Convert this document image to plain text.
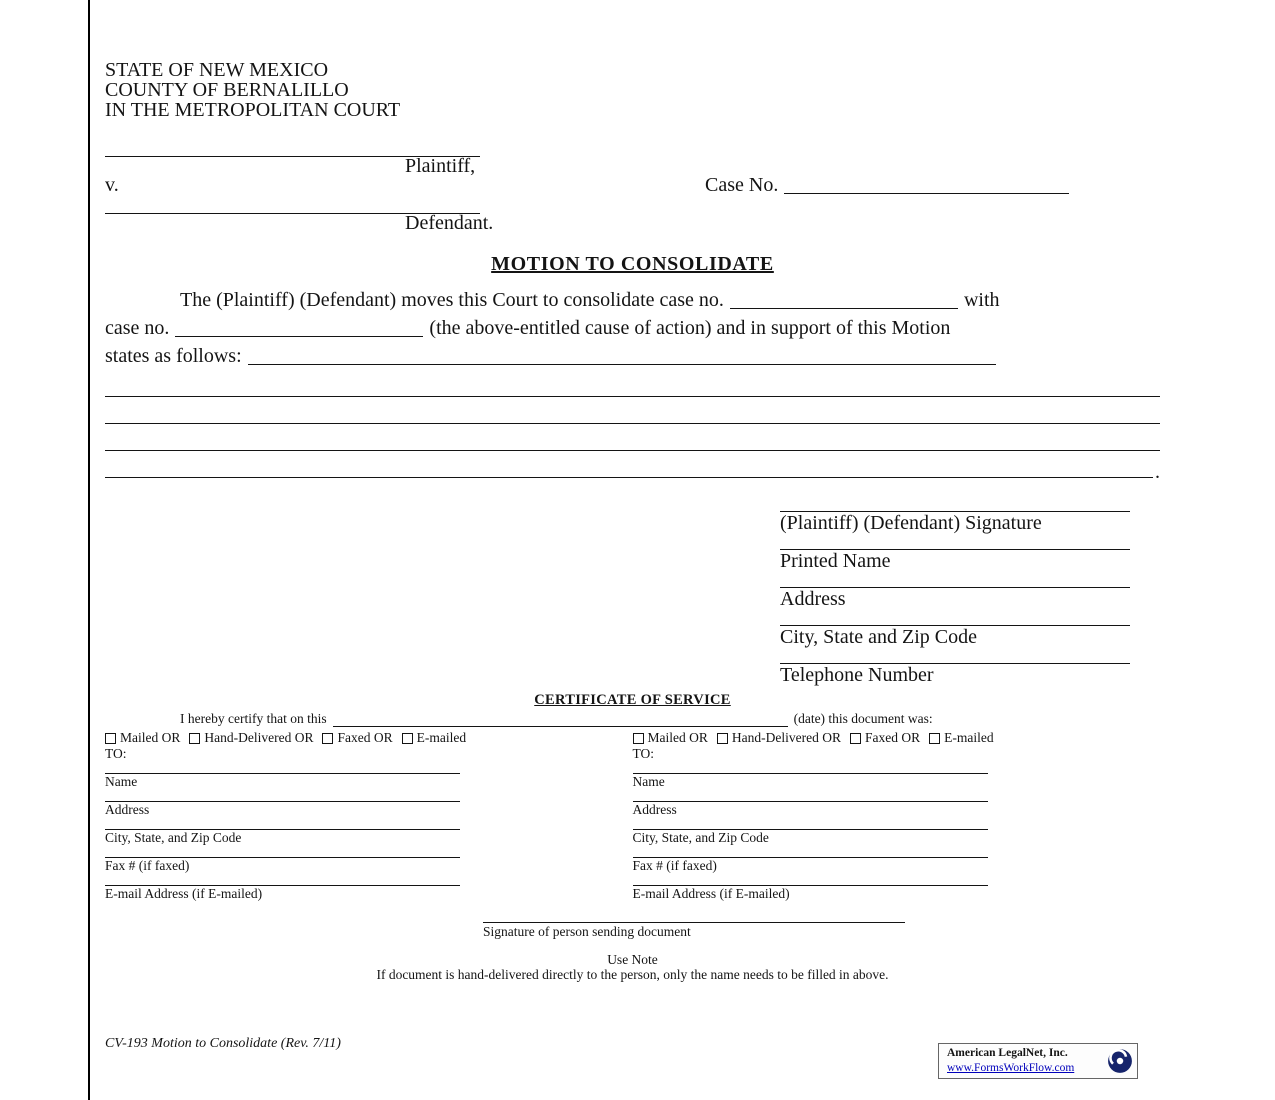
STATE OF NEW MEXICO
COUNTY OF BERNALILLO
IN THE METROPOLITAN COURT
Plaintiff,
v.
Defendant.
Case No.
MOTION TO CONSOLIDATE
The (Plaintiff) (Defendant) moves this Court to consolidate case no.	with
case no.	(the above-entitled cause of action) and in support of this Motion
states as follows:
.
(Plaintiff) (Defendant) Signature
Printed Name
Address
City, State and Zip Code
Telephone Number
CERTIFICATE OF SERVICE
I hereby certify that on this	(date) this document was:
Mailed OR Hand-Delivered OR Faxed OR E-mailed
TO:
Name
Address
City, State, and Zip Code
Fax # (if faxed)
E-mail Address (if E-mailed)
Mailed OR Hand-Delivered OR Faxed OR E-mailed
TO:
Name
Address
City, State, and Zip Code
Fax # (if faxed)
E-mail Address (if E-mailed)
Signature of person sending document
Use Note
If document is hand-delivered directly to the person, only the name needs to be filled in above.
CV-193 Motion to Consolidate (Rev. 7/11)
American LegalNet, Inc.
www.FormsWorkFlow.com
